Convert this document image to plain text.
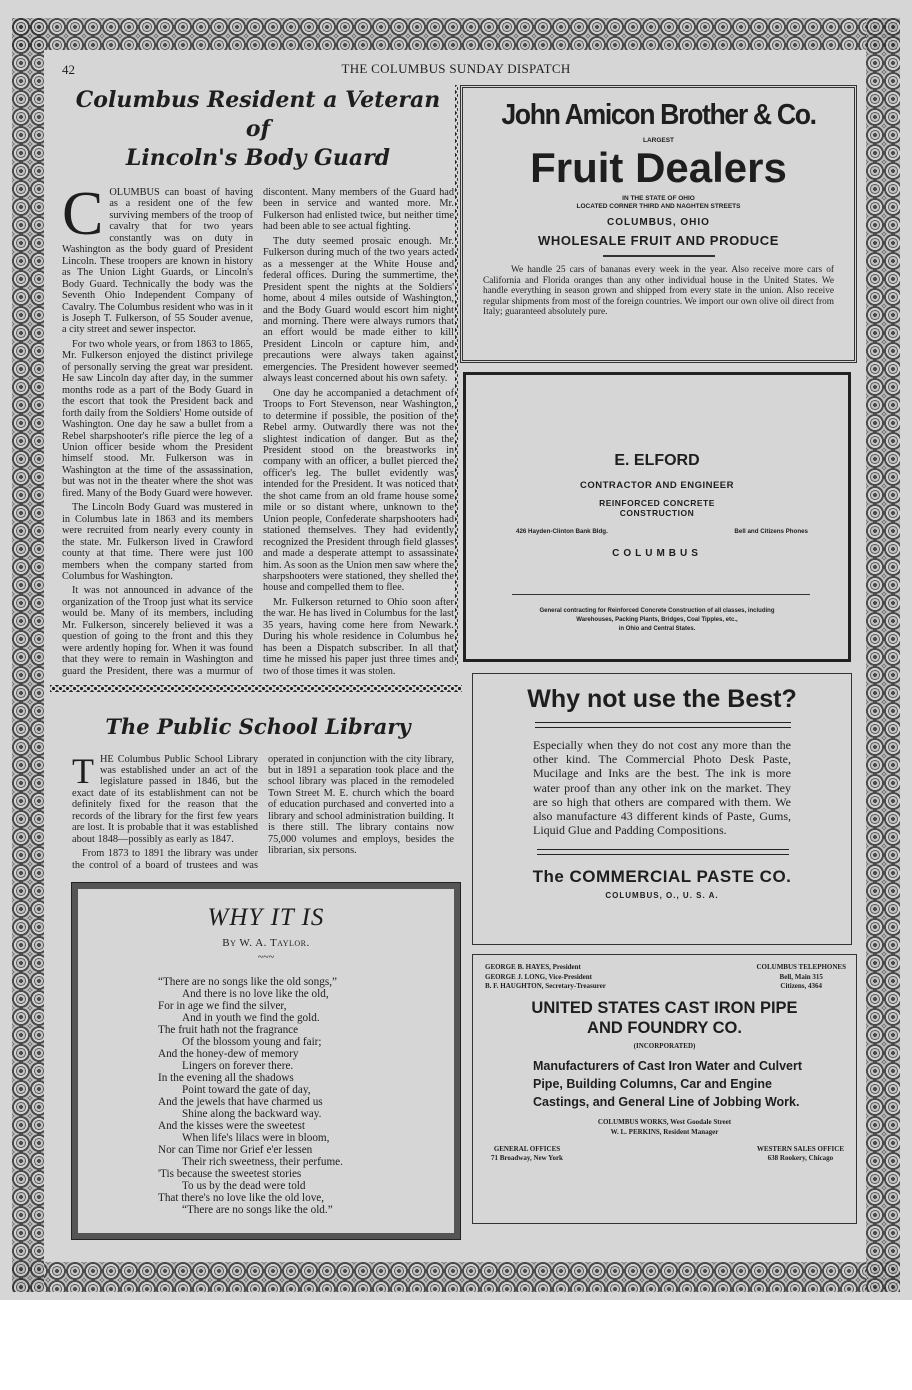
42	THE COLUMBUS SUNDAY DISPATCH
Columbus Resident a Veteran of
Lincoln's Body Guard
C OLUMBUS can boast of having as a resident one of the few surviving members of the troop of cavalry that for two years constantly was on duty in Washington as the body guard of President Lincoln. These troopers are known in history as The Union Light Guards, or Lincoln's Body Guard. Technically the body was the Seventh Ohio Independent Company of Cavalry. The Columbus resident who was in it is Joseph T. Fulkerson, of 55 Souder avenue, a city street and sewer inspector.

For two whole years, or from 1863 to 1865, Mr. Fulkerson enjoyed the distinct privilege of personally serving the great war president. He saw Lincoln day after day, in the summer months rode as a part of the Body Guard in the escort that took the President back and forth daily from the Soldiers' Home outside of Washington. One day he saw a bullet from a Rebel sharpshooter's rifle pierce the leg of a Union officer beside whom the President himself stood. Mr. Fulkerson was in Washington at the time of the assassination, but was not in the theater where the shot was fired. Many of the Body Guard were however.

The Lincoln Body Guard was mustered in in Columbus late in 1863 and its members were recruited from nearly every county in the state. Mr. Fulkerson lived in Crawford county at that time. There were just 100 members when the company started from Columbus for Washington.

It was not announced in advance of the organization of the Troop just what its service would be. Many of its members, including Mr. Fulkerson, sincerely believed it was a question of going to the front and this they were ardently hoping for. When it was found that they were to remain in Washington and guard the President, there was a murmur of discontent. Many members of the Guard had been in service and wanted more. Mr. Fulkerson had enlisted twice, but neither time had been able to see actual fighting.

The duty seemed prosaic enough. Mr. Fulkerson during much of the two years acted as a messenger at the White House and federal offices. During the summertime, the President spent the nights at the Soldiers' home, about 4 miles outside of Washington, and the Body Guard would escort him night and morning. There were always rumors that an effort would be made either to kill President Lincoln or capture him, and precautions were always taken against emergencies. The President however seemed always least concerned about his own safety.

One day he accompanied a detachment of Troops to Fort Stevenson, near Washington, to determine if possible, the position of the Rebel army. Outwardly there was not the slightest indication of danger. But as the President stood on the breastworks in company with an officer, a bullet pierced the officer's leg. The bullet evidently was intended for the President. It was noticed that the shot came from an old frame house some mile or so distant where, unknown to the Union people, Confederate sharpshooters had stationed themselves. They had evidently recognized the President through field glasses and made a desperate attempt to assassinate him. As soon as the Union men saw where the sharpshooters were stationed, they shelled the house and compelled them to flee.

Mr. Fulkerson returned to Ohio soon after the war. He has lived in Columbus for the last 35 years, having come here from Newark. During his whole residence in Columbus he has been a Dispatch subscriber. In all that time he missed his paper just three times and two of those times it was stolen.

The Public School Library
T HE Columbus Public School Library was established under an act of the legislature passed in 1846, but the exact date of its establishment can not be definitely fixed for the reason that the records of the library for the first few years are lost. It is probable that it was established about 1848—possibly as early as 1847.

From 1873 to 1891 the library was under the control of a board of trustees and was operated in conjunction with the city library, but in 1891 a separation took place and the school library was placed in the remodeled Town Street M. E. church which the board of education purchased and converted into a library and school administration building. It is there still. The library contains now 75,000 volumes and employs, besides the librarian, six persons.

WHY IT IS
By W. A. Taylor.
~~~
“There are no songs like the old songs,”
And there is no love like the old,
For in age we find the silver,
And in youth we find the gold.
The fruit hath not the fragrance
Of the blossom young and fair;
And the honey-dew of memory
Lingers on forever there.
In the evening all the shadows
Point toward the gate of day,
And the jewels that have charmed us
Shine along the backward way.
And the kisses were the sweetest
When life's lilacs were in bloom,
Nor can Time nor Grief e'er lessen
Their rich sweetness, their perfume.
'Tis because the sweetest stories
To us by the dead were told
That there's no love like the old love,
“There are no songs like the old.”
John Amicon Brother & Co.
LARGEST
Fruit Dealers
IN THE STATE OF OHIO
LOCATED CORNER THIRD AND NAGHTEN STREETS
COLUMBUS, OHIO
WHOLESALE FRUIT AND PRODUCE
We handle 25 cars of bananas every week in the year. Also receive more cars of California and Florida oranges than any other individual house in the United States. We handle everything in season grown and shipped from every state in the union. Also receive regular shipments from most of the foreign countries. We import our own olive oil direct from Italy; guaranteed absolutely pure.
E. ELFORD
CONTRACTOR AND ENGINEER
REINFORCED CONCRETE
CONSTRUCTION
426 Hayden-Clinton Bank Bldg.	Bell and Citizens Phones
COLUMBUS
General contracting for Reinforced Concrete Construction of all classes, including
Warehouses, Packing Plants, Bridges, Coal Tipples, etc.,
in Ohio and Central States.
Why not use the Best?
Especially when they do not cost any more than the other kind. The Commercial Photo Desk Paste, Mucilage and Inks are the best. The ink is more water proof than any other ink on the market. They are so high that others are compared with them. We also manufacture 43 different kinds of Paste, Gums, Liquid Glue and Padding Compositions.
The COMMERCIAL PASTE CO.
COLUMBUS, O., U. S. A.
GEORGE B. HAYES, President
GEORGE J. LONG, Vice-President
B. F. HAUGHTON, Secretary-Treasurer
COLUMBUS TELEPHONES
Bell, Main 315
Citizens, 4364
UNITED STATES CAST IRON PIPE
AND FOUNDRY CO.
(INCORPORATED)
Manufacturers of Cast Iron Water and Culvert Pipe, Building Columns, Car and Engine Castings, and General Line of Jobbing Work.
COLUMBUS WORKS, West Goodale Street
W. L. PERKINS, Resident Manager
GENERAL OFFICES
71 Broadway, New York
WESTERN SALES OFFICE
638 Rookery, Chicago
